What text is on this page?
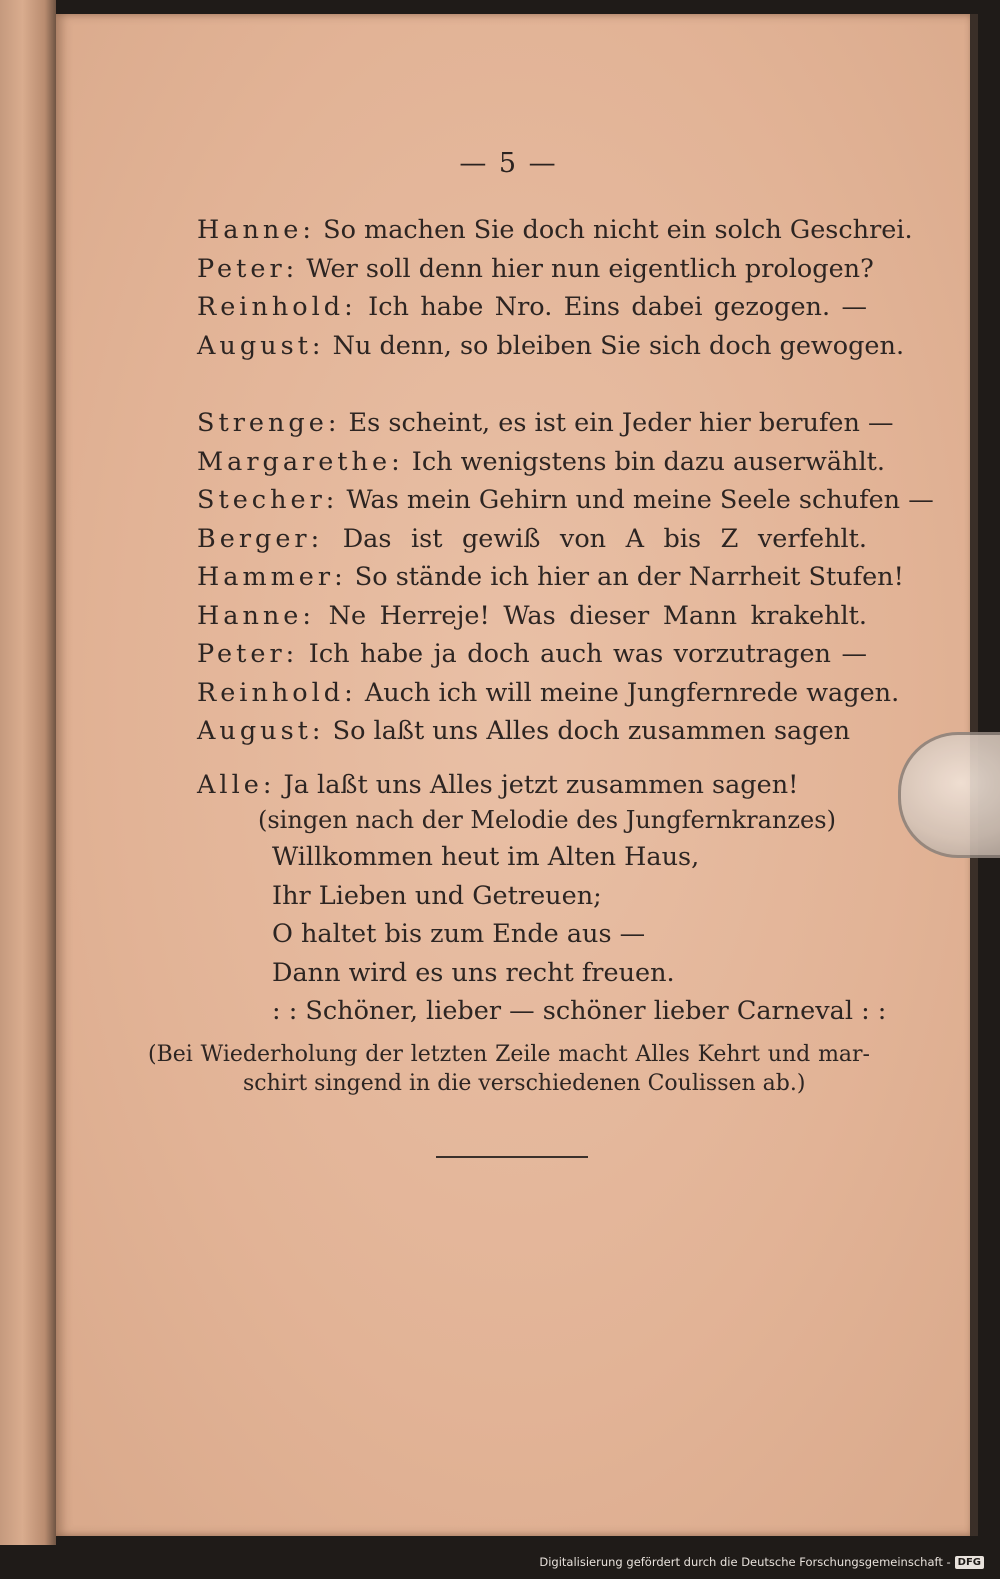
— 5 —
Hanne: So machen Sie doch nicht ein solch Geschrei.
Peter: Wer soll denn hier nun eigentlich prologen?
Reinhold: Ich habe Nro. Eins dabei gezogen. —
August: Nu denn, so bleiben Sie sich doch gewogen.
Strenge: Es scheint, es ist ein Jeder hier berufen —
Margarethe: Ich wenigstens bin dazu auserwählt.
Stecher: Was mein Gehirn und meine Seele schufen —
Berger: Das ist gewiß von A bis Z verfehlt.
Hammer: So stände ich hier an der Narrheit Stufen!
Hanne: Ne Herreje! Was dieser Mann krakehlt.
Peter: Ich habe ja doch auch was vorzutragen —
Reinhold: Auch ich will meine Jungfernrede wagen.
August: So laßt uns Alles doch zusammen sagen
Alle: Ja laßt uns Alles jetzt zusammen sagen!
(singen nach der Melodie des Jungfernkranzes)
Willkommen heut im Alten Haus,
Ihr Lieben und Getreuen;
O haltet bis zum Ende aus —
Dann wird es uns recht freuen.
: : Schöner, lieber — schöner lieber Carneval : :
(Bei Wiederholung der letzten Zeile macht Alles Kehrt und mar-
schirt singend in die verschiedenen Coulissen ab.)
Digitalisierung gefördert durch die Deutsche Forschungsgemeinschaft - DFG
